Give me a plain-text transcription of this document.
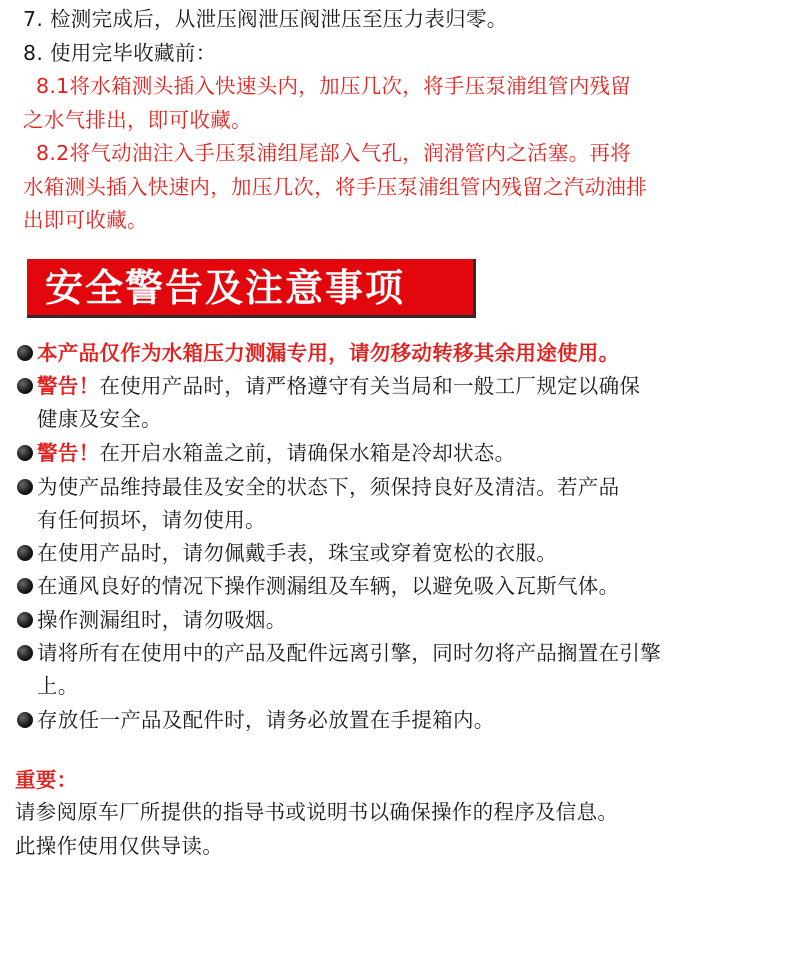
7. 检测完成后，从泄压阀泄压阀泄压至压力表归零。
8. 使用完毕收藏前：
8.1将水箱测头插入快速头内，加压几次，将手压泵浦组管内残留
之水气排出，即可收藏。
8.2将气动油注入手压泵浦组尾部入气孔，润滑管内之活塞。再将
水箱测头插入快速内，加压几次，将手压泵浦组管内残留之汽动油排
出即可收藏。
安全警告及注意事项
本产品仅作为水箱压力测漏专用，请勿移动转移其余用途使用。
警告！在使用产品时，请严格遵守有关当局和一般工厂规定以确保
健康及安全。
警告！在开启水箱盖之前，请确保水箱是冷却状态。
为使产品维持最佳及安全的状态下，须保持良好及清洁。若产品
有任何损坏，请勿使用。
在使用产品时，请勿佩戴手表，珠宝或穿着宽松的衣服。
在通风良好的情况下操作测漏组及车辆，以避免吸入瓦斯气体。
操作测漏组时，请勿吸烟。
请将所有在使用中的产品及配件远离引擎，同时勿将产品搁置在引擎
上。
存放任一产品及配件时，请务必放置在手提箱内。
重要：
请参阅原车厂所提供的指导书或说明书以确保操作的程序及信息。
此操作使用仅供导读。
